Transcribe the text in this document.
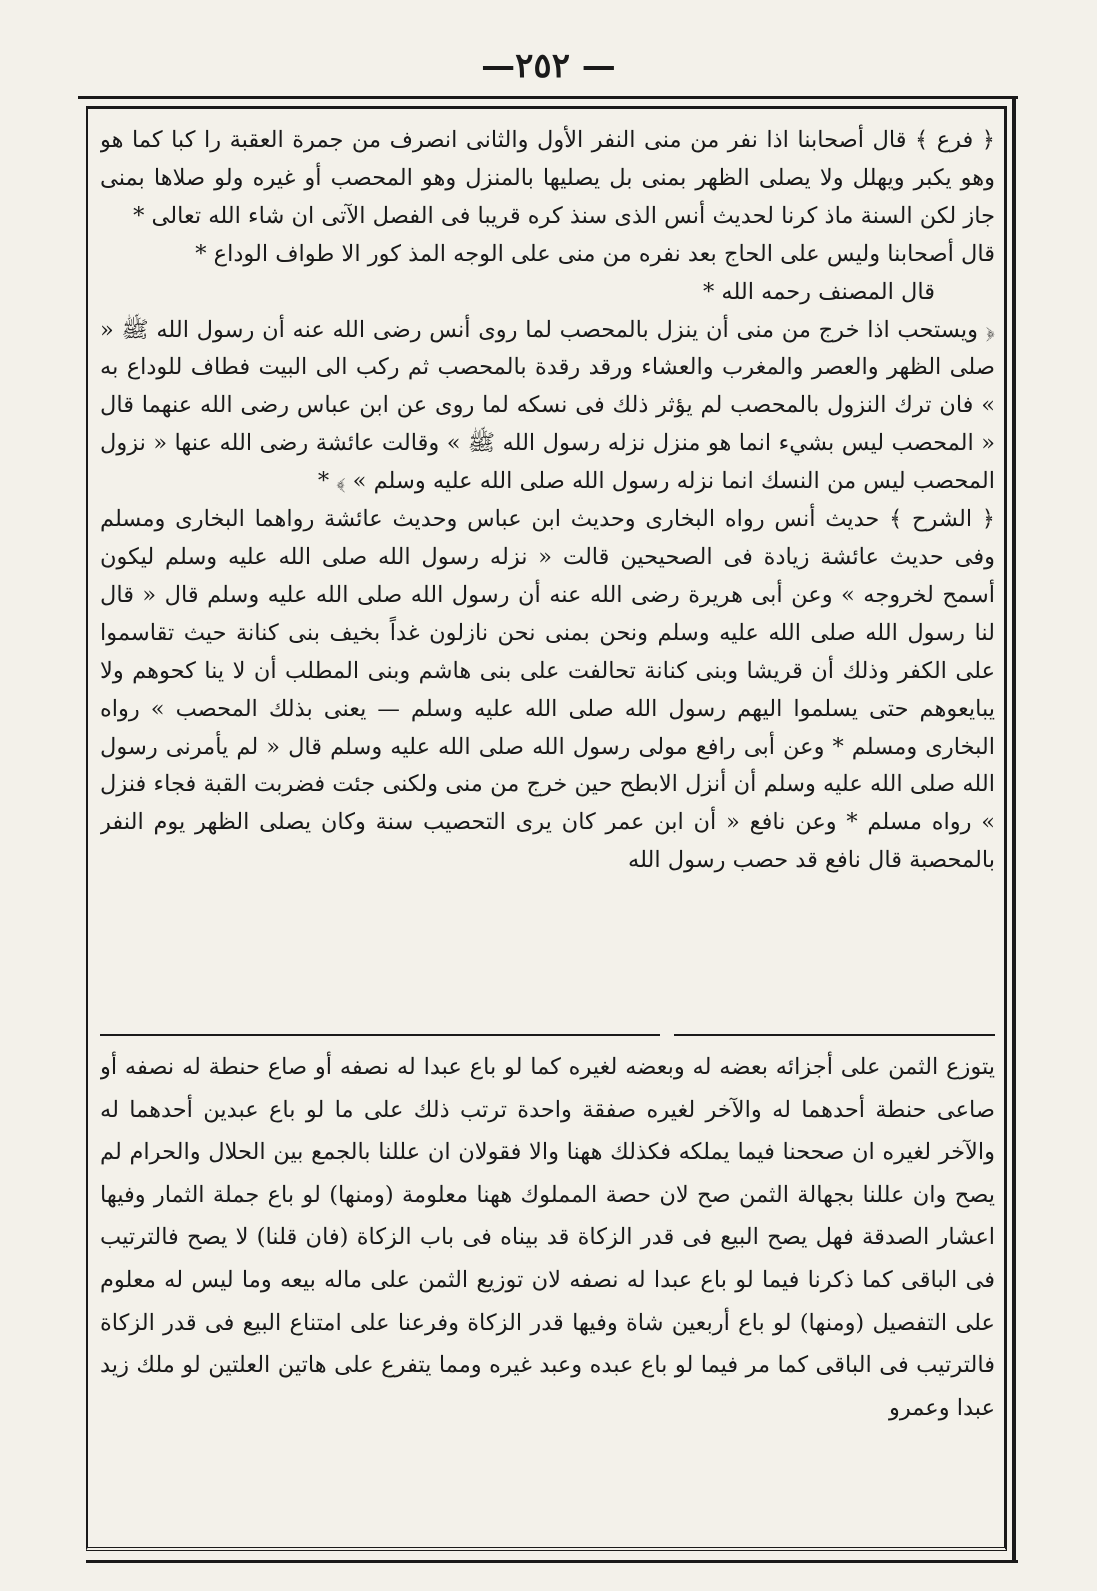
— ٢٥٢—

﴿ فرع ﴾ قال أصحابنا اذا نفر من منى النفر الأول والثانى انصرف من جمرة العقبة را كبا كما هو وهو يكبر ويهلل ولا يصلى الظهر بمنى بل يصليها بالمنزل وهو المحصب أو غيره ولو صلاها بمنى جاز لكن السنة ماذ كرنا لحديث أنس الذى سنذ كره قريبا فى الفصل الآتى ان شاء الله تعالى *

قال أصحابنا وليس على الحاج بعد نفره من منى على الوجه المذ كور الا طواف الوداع *

قال المصنف رحمه الله *

﴿ ويستحب اذا خرج من منى أن ينزل بالمحصب لما روى أنس رضى الله عنه أن رسول الله ﷺ « صلى الظهر والعصر والمغرب والعشاء ورقد رقدة بالمحصب ثم ركب الى البيت فطاف للوداع به » فان ترك النزول بالمحصب لم يؤثر ذلك فى نسكه لما روى عن ابن عباس رضى الله عنهما قال « المحصب ليس بشيء انما هو منزل نزله رسول الله ﷺ » وقالت عائشة رضى الله عنها « نزول المحصب ليس من النسك انما نزله رسول الله صلى الله عليه وسلم » ﴾ *

﴿ الشرح ﴾ حديث أنس رواه البخارى وحديث ابن عباس وحديث عائشة رواهما البخارى ومسلم وفى حديث عائشة زيادة فى الصحيحين قالت « نزله رسول الله صلى الله عليه وسلم ليكون أسمح لخروجه » وعن أبى هريرة رضى الله عنه أن رسول الله صلى الله عليه وسلم قال « قال لنا رسول الله صلى الله عليه وسلم ونحن بمنى نحن نازلون غداً بخيف بنى كنانة حيث تقاسموا على الكفر وذلك أن قريشا وبنى كنانة تحالفت على بنى هاشم وبنى المطلب أن لا ينا كحوهم ولا يبايعوهم حتى يسلموا اليهم رسول الله صلى الله عليه وسلم — يعنى بذلك المحصب » رواه البخارى ومسلم * وعن أبى رافع مولى رسول الله صلى الله عليه وسلم قال « لم يأمرنى رسول الله صلى الله عليه وسلم أن أنزل الابطح حين خرج من منى ولكنى جئت فضربت القبة فجاء فنزل » رواه مسلم * وعن نافع « أن ابن عمر كان يرى التحصيب سنة وكان يصلى الظهر يوم النفر بالمحصبة قال نافع قد حصب رسول الله

يتوزع الثمن على أجزائه بعضه له وبعضه لغيره كما لو باع عبدا له نصفه أو صاع حنطة له نصفه أو صاعى حنطة أحدهما له والآخر لغيره صفقة واحدة ترتب ذلك على ما لو باع عبدين أحدهما له والآخر لغيره ان صححنا فيما يملكه فكذلك ههنا والا فقولان ان عللنا بالجمع بين الحلال والحرام لم يصح وان عللنا بجهالة الثمن صح لان حصة المملوك ههنا معلومة (ومنها) لو باع جملة الثمار وفيها اعشار الصدقة فهل يصح البيع فى قدر الزكاة قد بيناه فى باب الزكاة (فان قلنا) لا يصح فالترتيب فى الباقى كما ذكرنا فيما لو باع عبدا له نصفه لان توزيع الثمن على ماله بيعه وما ليس له معلوم على التفصيل (ومنها) لو باع أربعين شاة وفيها قدر الزكاة وفرعنا على امتناع البيع فى قدر الزكاة فالترتيب فى الباقى كما مر فيما لو باع عبده وعبد غيره ومما يتفرع على هاتين العلتين لو ملك زيد عبدا وعمرو
